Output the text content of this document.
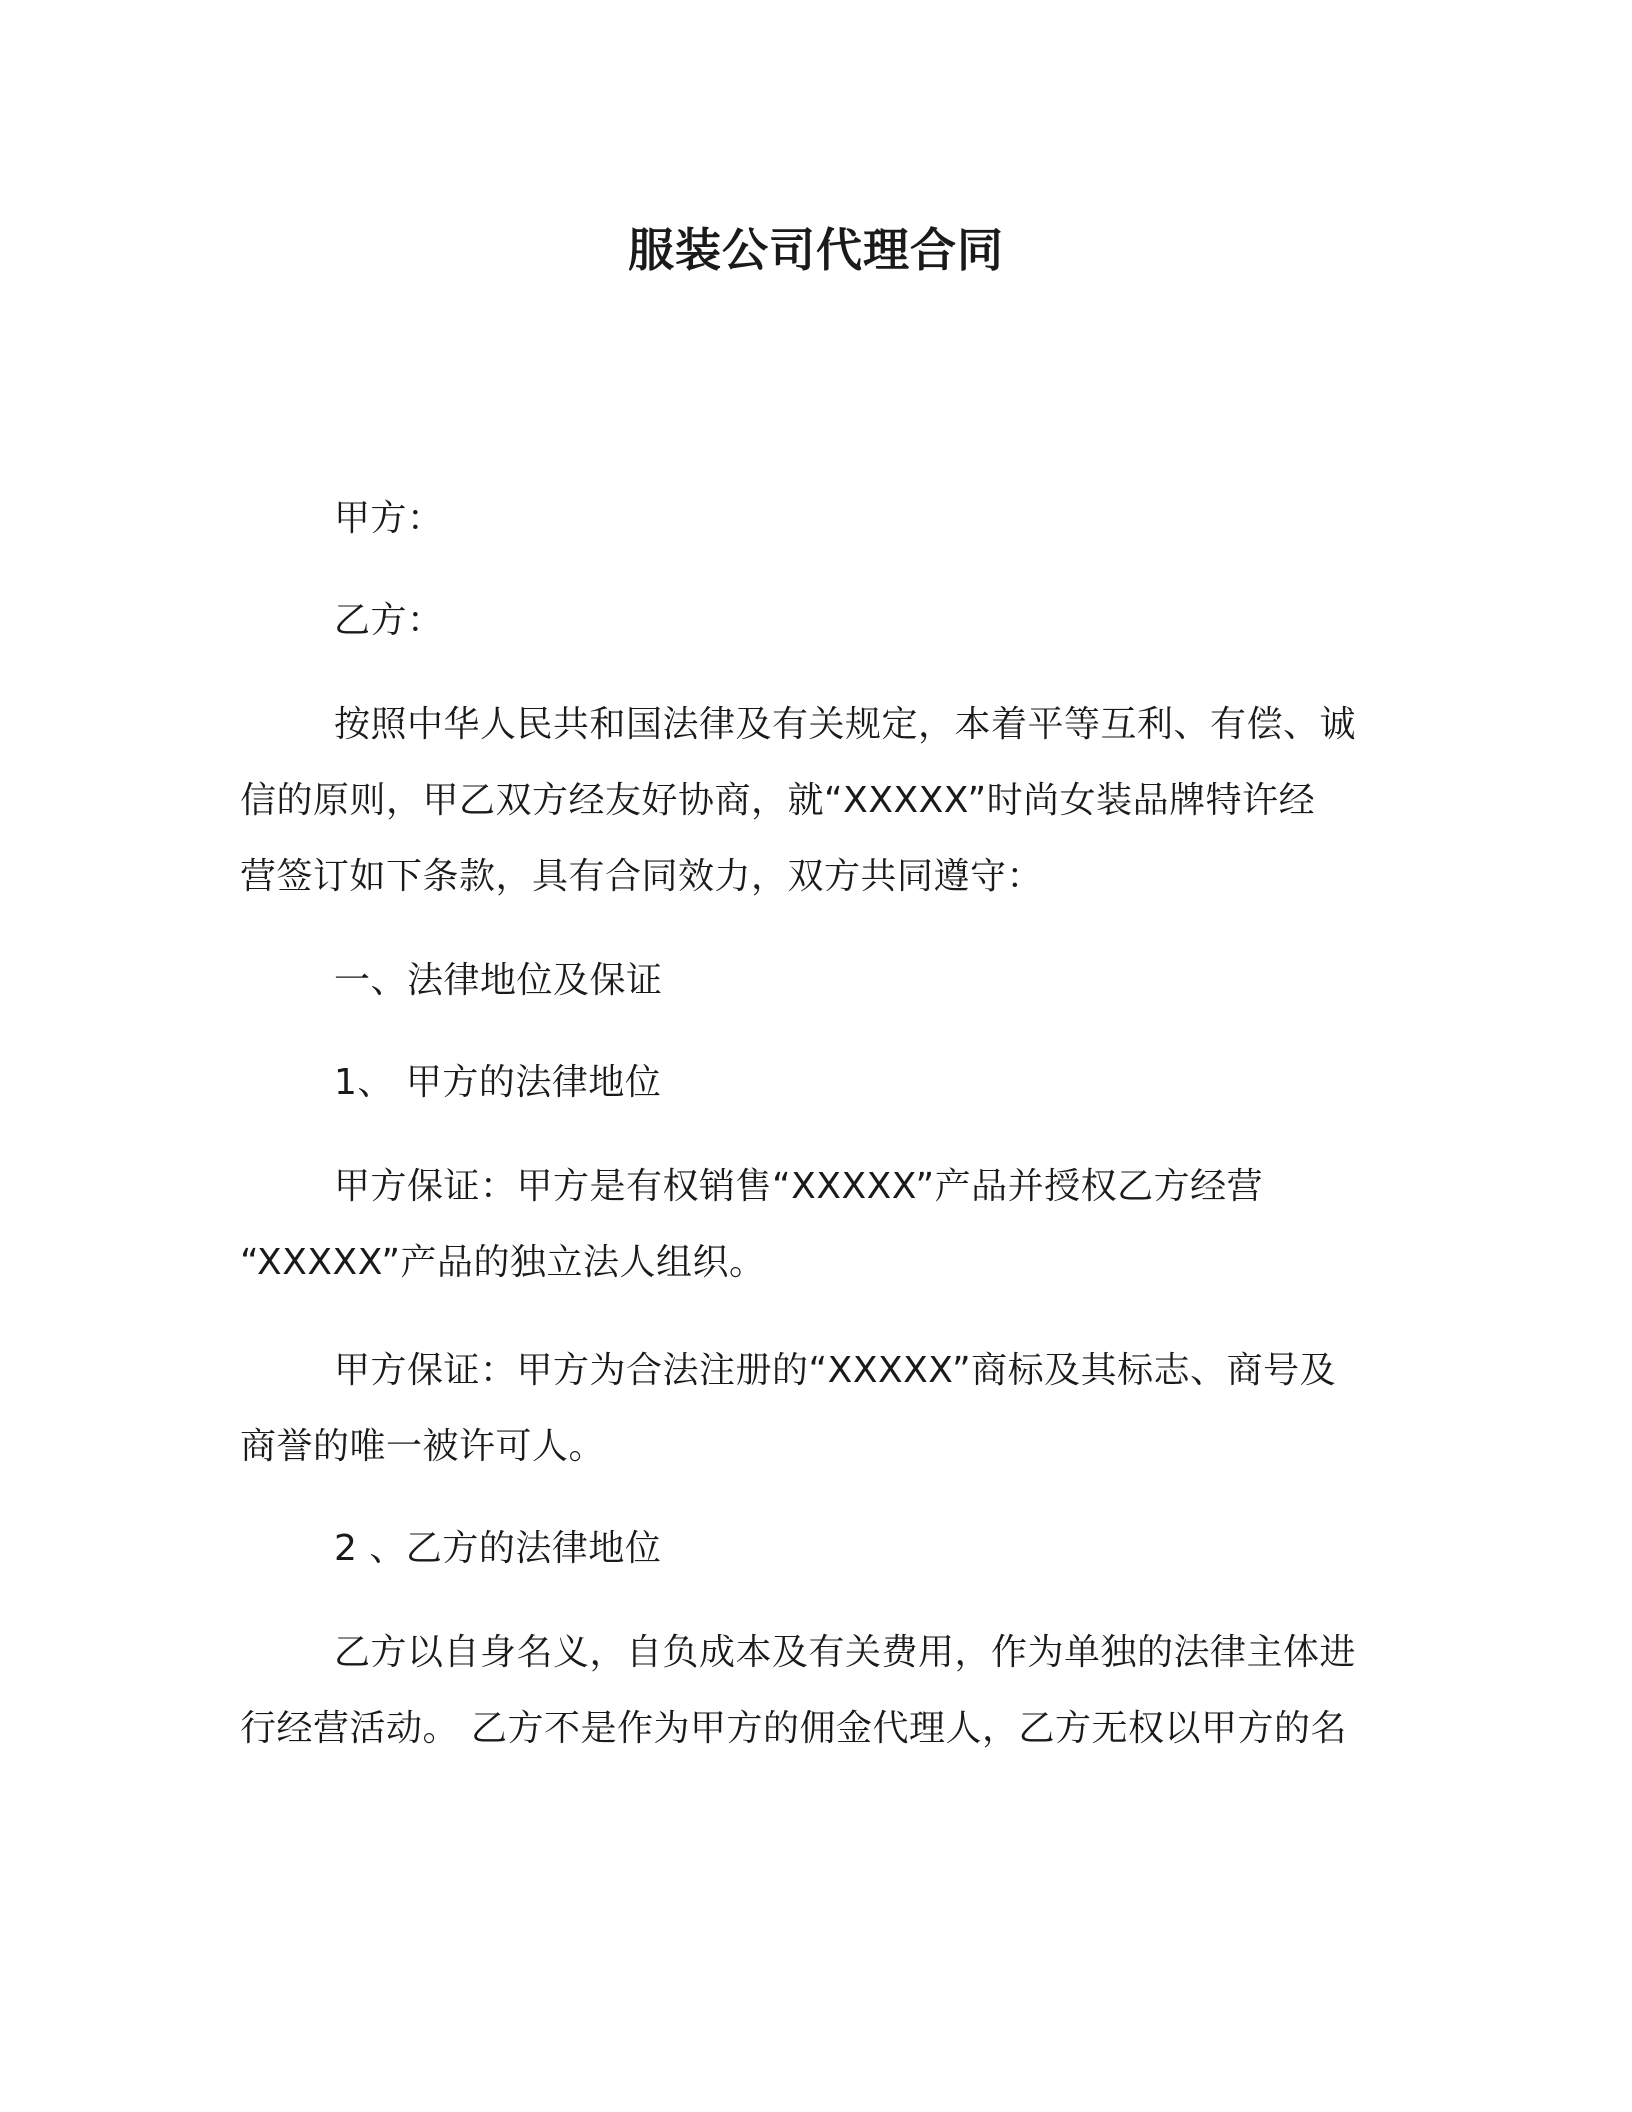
服装公司代理合同

甲方：

乙方：

按照中华人民共和国法律及有关规定，本着平等互利、有偿、诚

信的原则，甲乙双方经友好协商，就“XXXXX”时尚女装品牌特许经

营签订如下条款，具有合同效力，双方共同遵守：

一、法律地位及保证

1、 甲方的法律地位

甲方保证：甲方是有权销售“XXXXX”产品并授权乙方经营

“XXXXX”产品的独立法人组织。

甲方保证：甲方为合法注册的“XXXXX”商标及其标志、商号及

商誉的唯一被许可人。

2 、乙方的法律地位

乙方以自身名义，自负成本及有关费用，作为单独的法律主体进

行经营活动。 乙方不是作为甲方的佣金代理人，乙方无权以甲方的名
